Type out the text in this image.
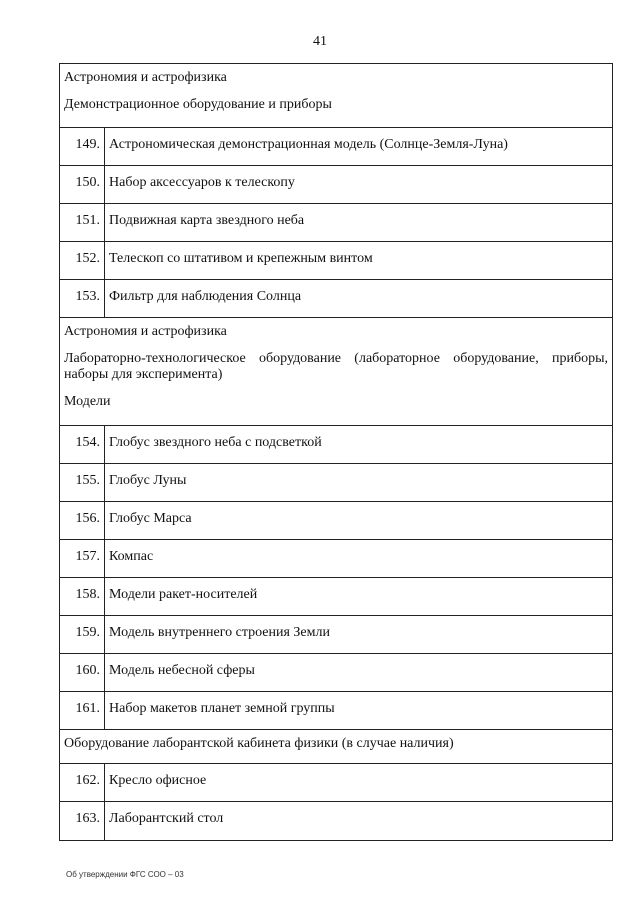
41

Астрономия и астрофизика

Демонстрационное оборудование и приборы

149. Астрономическая демонстрационная модель (Солнце-Земля-Луна)
150. Набор аксессуаров к телескопу
151. Подвижная карта звездного неба
152. Телескоп со штативом и крепежным винтом
153. Фильтр для наблюдения Солнца

Астрономия и астрофизика

Лабораторно-технологическое оборудование (лабораторное оборудование, приборы, наборы для эксперимента)

Модели

154. Глобус звездного неба с подсветкой
155. Глобус Луны
156. Глобус Марса
157. Компас
158. Модели ракет-носителей
159. Модель внутреннего строения Земли
160. Модель небесной сферы
161. Набор макетов планет земной группы

Оборудование лаборантской кабинета физики (в случае наличия)

162. Кресло офисное
163. Лаборантский стол
Об утверждении ФГС СОО – 03
